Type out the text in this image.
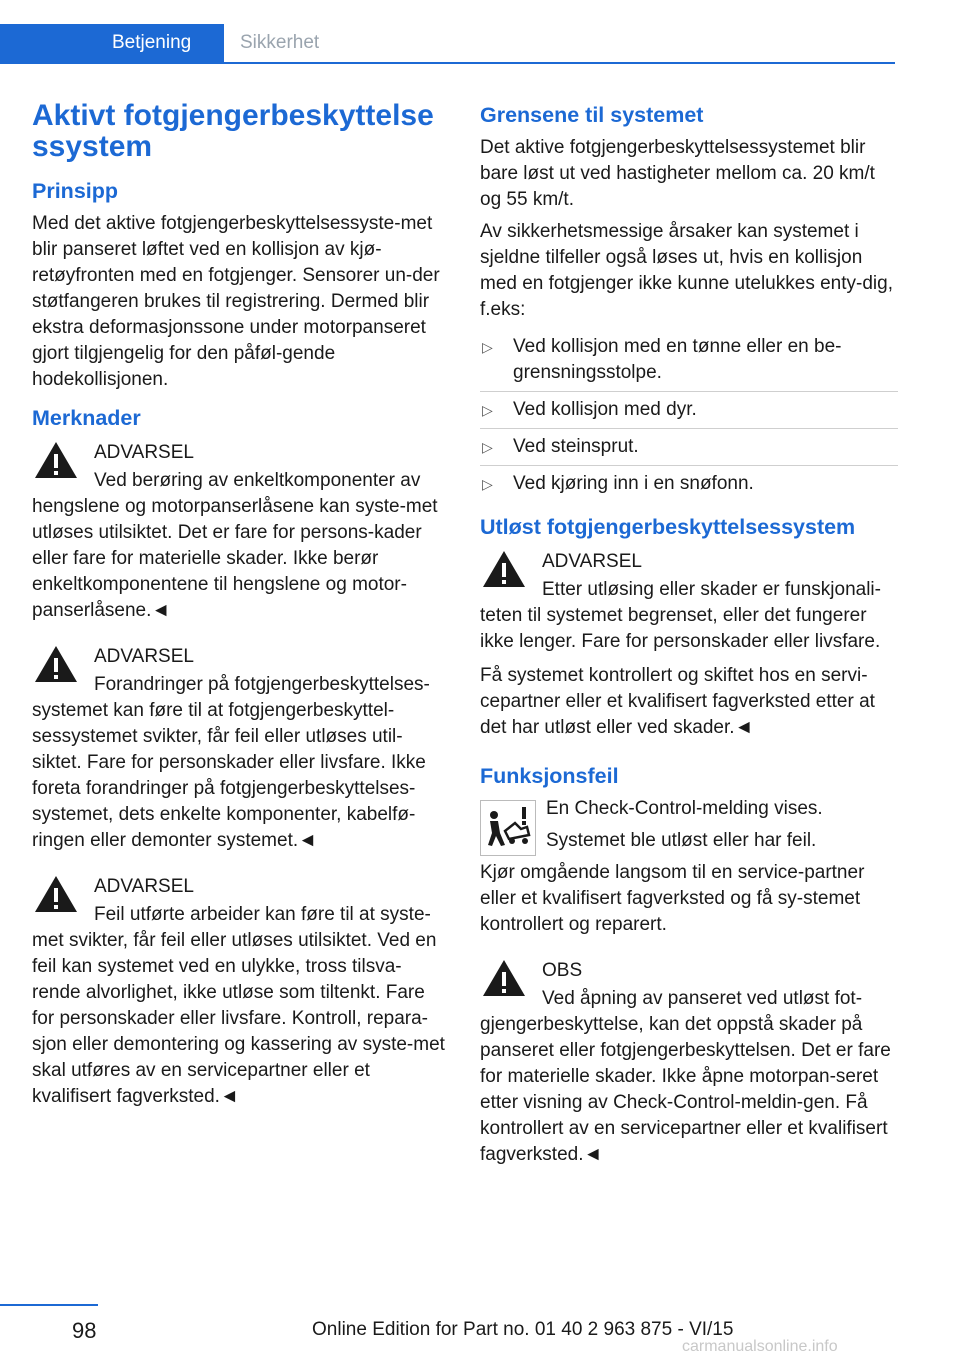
Betjening	Sikkerhet
Aktivt fotgjengerbeskyttelsessystem
Prinsipp

Med det aktive fotgjengerbeskyttelsessyste-met blir panseret løftet ved en kollisjon av kjø-retøyfronten med en fotgjenger. Sensorer un-der støtfangeren brukes til registrering. Dermed blir ekstra deformasjonssone under motorpanseret gjort tilgjengelig for den påføl-gende hodekollisjonen.

Merknader
ADVARSEL

Ved berøring av enkeltkomponenter av hengslene og motorpanserlåsene kan syste-met utløses utilsiktet. Det er fare for persons-kader eller fare for materielle skader. Ikke berør enkeltkomponentene til hengslene og motor-panserlåsene.◄

ADVARSEL

Forandringer på fotgjengerbeskyttelses-systemet kan føre til at fotgjengerbeskyttel-sessystemet svikter, får feil eller utløses util-siktet. Fare for personskader eller livsfare. Ikke foreta forandringer på fotgjengerbeskyttelses-systemet, dets enkelte komponenter, kabelfø-ringen eller demonter systemet.◄

ADVARSEL

Feil utførte arbeider kan føre til at syste-met svikter, får feil eller utløses utilsiktet. Ved en feil kan systemet ved en ulykke, tross tilsva-rende alvorlighet, ikke utløse som tiltenkt. Fare for personskader eller livsfare. Kontroll, repara-sjon eller demontering og kassering av syste-met skal utføres av en servicepartner eller et kvalifisert fagverksted.◄

Grensene til systemet

Det aktive fotgjengerbeskyttelsessystemet blir bare løst ut ved hastigheter mellom ca. 20 km/t og 55 km/t.

Av sikkerhetsmessige årsaker kan systemet i sjeldne tilfeller også løses ut, hvis en kollisjon med en fotgjenger ikke kunne utelukkes enty-dig, f.eks:

▷ Ved kollisjon med en tønne eller en be-grensningsstolpe.
▷ Ved kollisjon med dyr.
▷ Ved steinsprut.
▷ Ved kjøring inn i en snøfonn.
Utløst fotgjengerbeskyttelsessystem
ADVARSEL

Etter utløsing eller skader er funskjonali-teten til systemet begrenset, eller det fungerer ikke lenger. Fare for personskader eller livsfare.

Få systemet kontrollert og skiftet hos en servi-cepartner eller et kvalifisert fagverksted etter at det har utløst eller ved skader.◄

Funksjonsfeil

En Check-Control-melding vises.

Systemet ble utløst eller har feil.

Kjør omgående langsom til en service-partner eller et kvalifisert fagverksted og få sy-stemet kontrollert og reparert.

OBS

Ved åpning av panseret ved utløst fot-gjengerbeskyttelse, kan det oppstå skader på panseret eller fotgjengerbeskyttelsen. Det er fare for materielle skader. Ikke åpne motorpan-seret etter visning av Check-Control-meldin-gen. Få kontrollert av en servicepartner eller et kvalifisert fagverksted.◄

98	Online Edition for Part no. 01 40 2 963 875 - VI/15
carmanualsonline.info
